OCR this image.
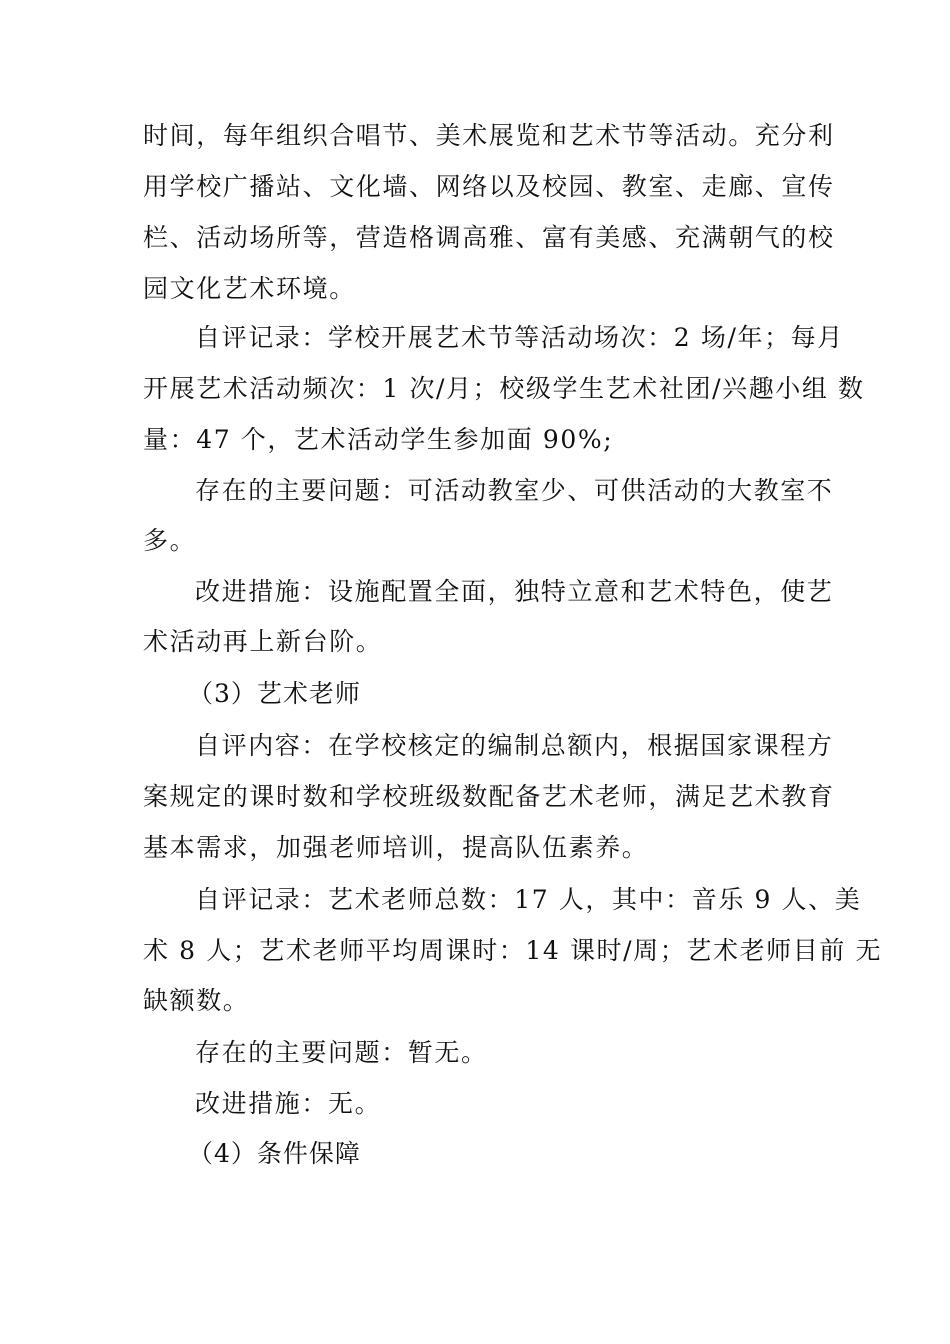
时间，每年组织合唱节、美术展览和艺术节等活动。充分利
用学校广播站、文化墙、网络以及校园、教室、走廊、宣传
栏、活动场所等，营造格调高雅、富有美感、充满朝气的校
园文化艺术环境。
自评记录：学校开展艺术节等活动场次：2 场/年；每月
开展艺术活动频次：1 次/月；校级学生艺术社团/兴趣小组 数
量：47 个，艺术活动学生参加面 90%;
存在的主要问题：可活动教室少、可供活动的大教室不
多。
改进措施：设施配置全面，独特立意和艺术特色，使艺
术活动再上新台阶。
（3）艺术老师
自评内容：在学校核定的编制总额内，根据国家课程方
案规定的课时数和学校班级数配备艺术老师，满足艺术教育
基本需求，加强老师培训，提高队伍素养。
自评记录：艺术老师总数：17 人，其中：音乐 9 人、美
术 8 人；艺术老师平均周课时：14 课时/周；艺术老师目前 无
缺额数。
存在的主要问题：暂无。
改进措施：无。
（4）条件保障
